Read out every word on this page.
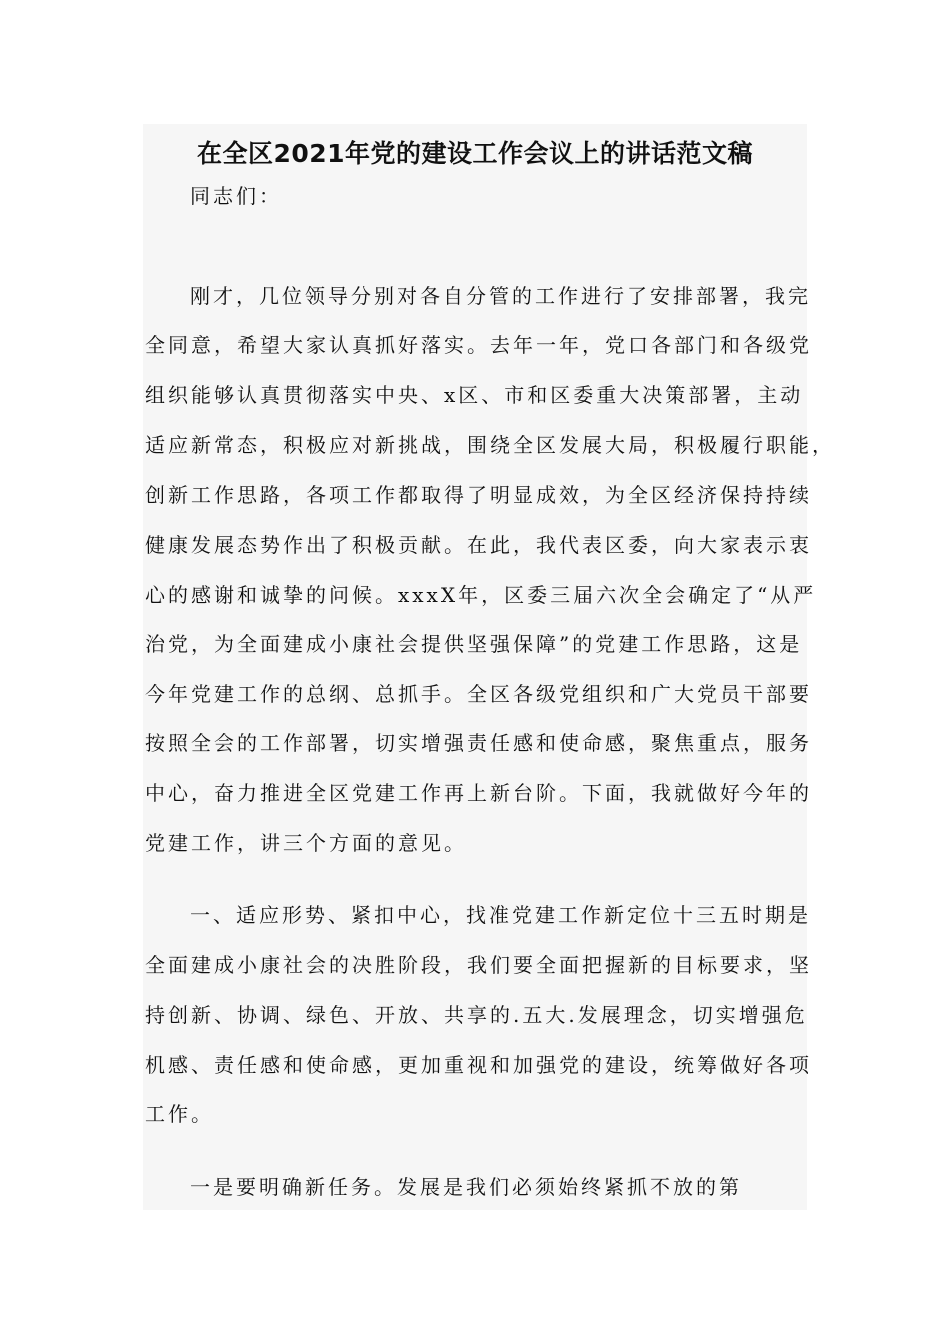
在全区2021年党的建设工作会议上的讲话范文稿
同志们：
刚才，几位领导分别对各自分管的工作进行了安排部署，我完
全同意，希望大家认真抓好落实。去年一年，党口各部门和各级党
组织能够认真贯彻落实中央、x区、市和区委重大决策部署，主动
适应新常态，积极应对新挑战，围绕全区发展大局，积极履行职能，
创新工作思路，各项工作都取得了明显成效，为全区经济保持持续
健康发展态势作出了积极贡献。在此，我代表区委，向大家表示衷
心的感谢和诚挚的问候。xxxX年，区委三届六次全会确定了“从严
治党，为全面建成小康社会提供坚强保障”的党建工作思路，这是
今年党建工作的总纲、总抓手。全区各级党组织和广大党员干部要
按照全会的工作部署，切实增强责任感和使命感，聚焦重点，服务
中心，奋力推进全区党建工作再上新台阶。下面，我就做好今年的
党建工作，讲三个方面的意见。
一、适应形势、紧扣中心，找准党建工作新定位十三五时期是
全面建成小康社会的决胜阶段，我们要全面把握新的目标要求，坚
持创新、协调、绿色、开放、共享的.五大.发展理念，切实增强危
机感、责任感和使命感，更加重视和加强党的建设，统筹做好各项
工作。
一是要明确新任务。发展是我们必须始终紧抓不放的第
